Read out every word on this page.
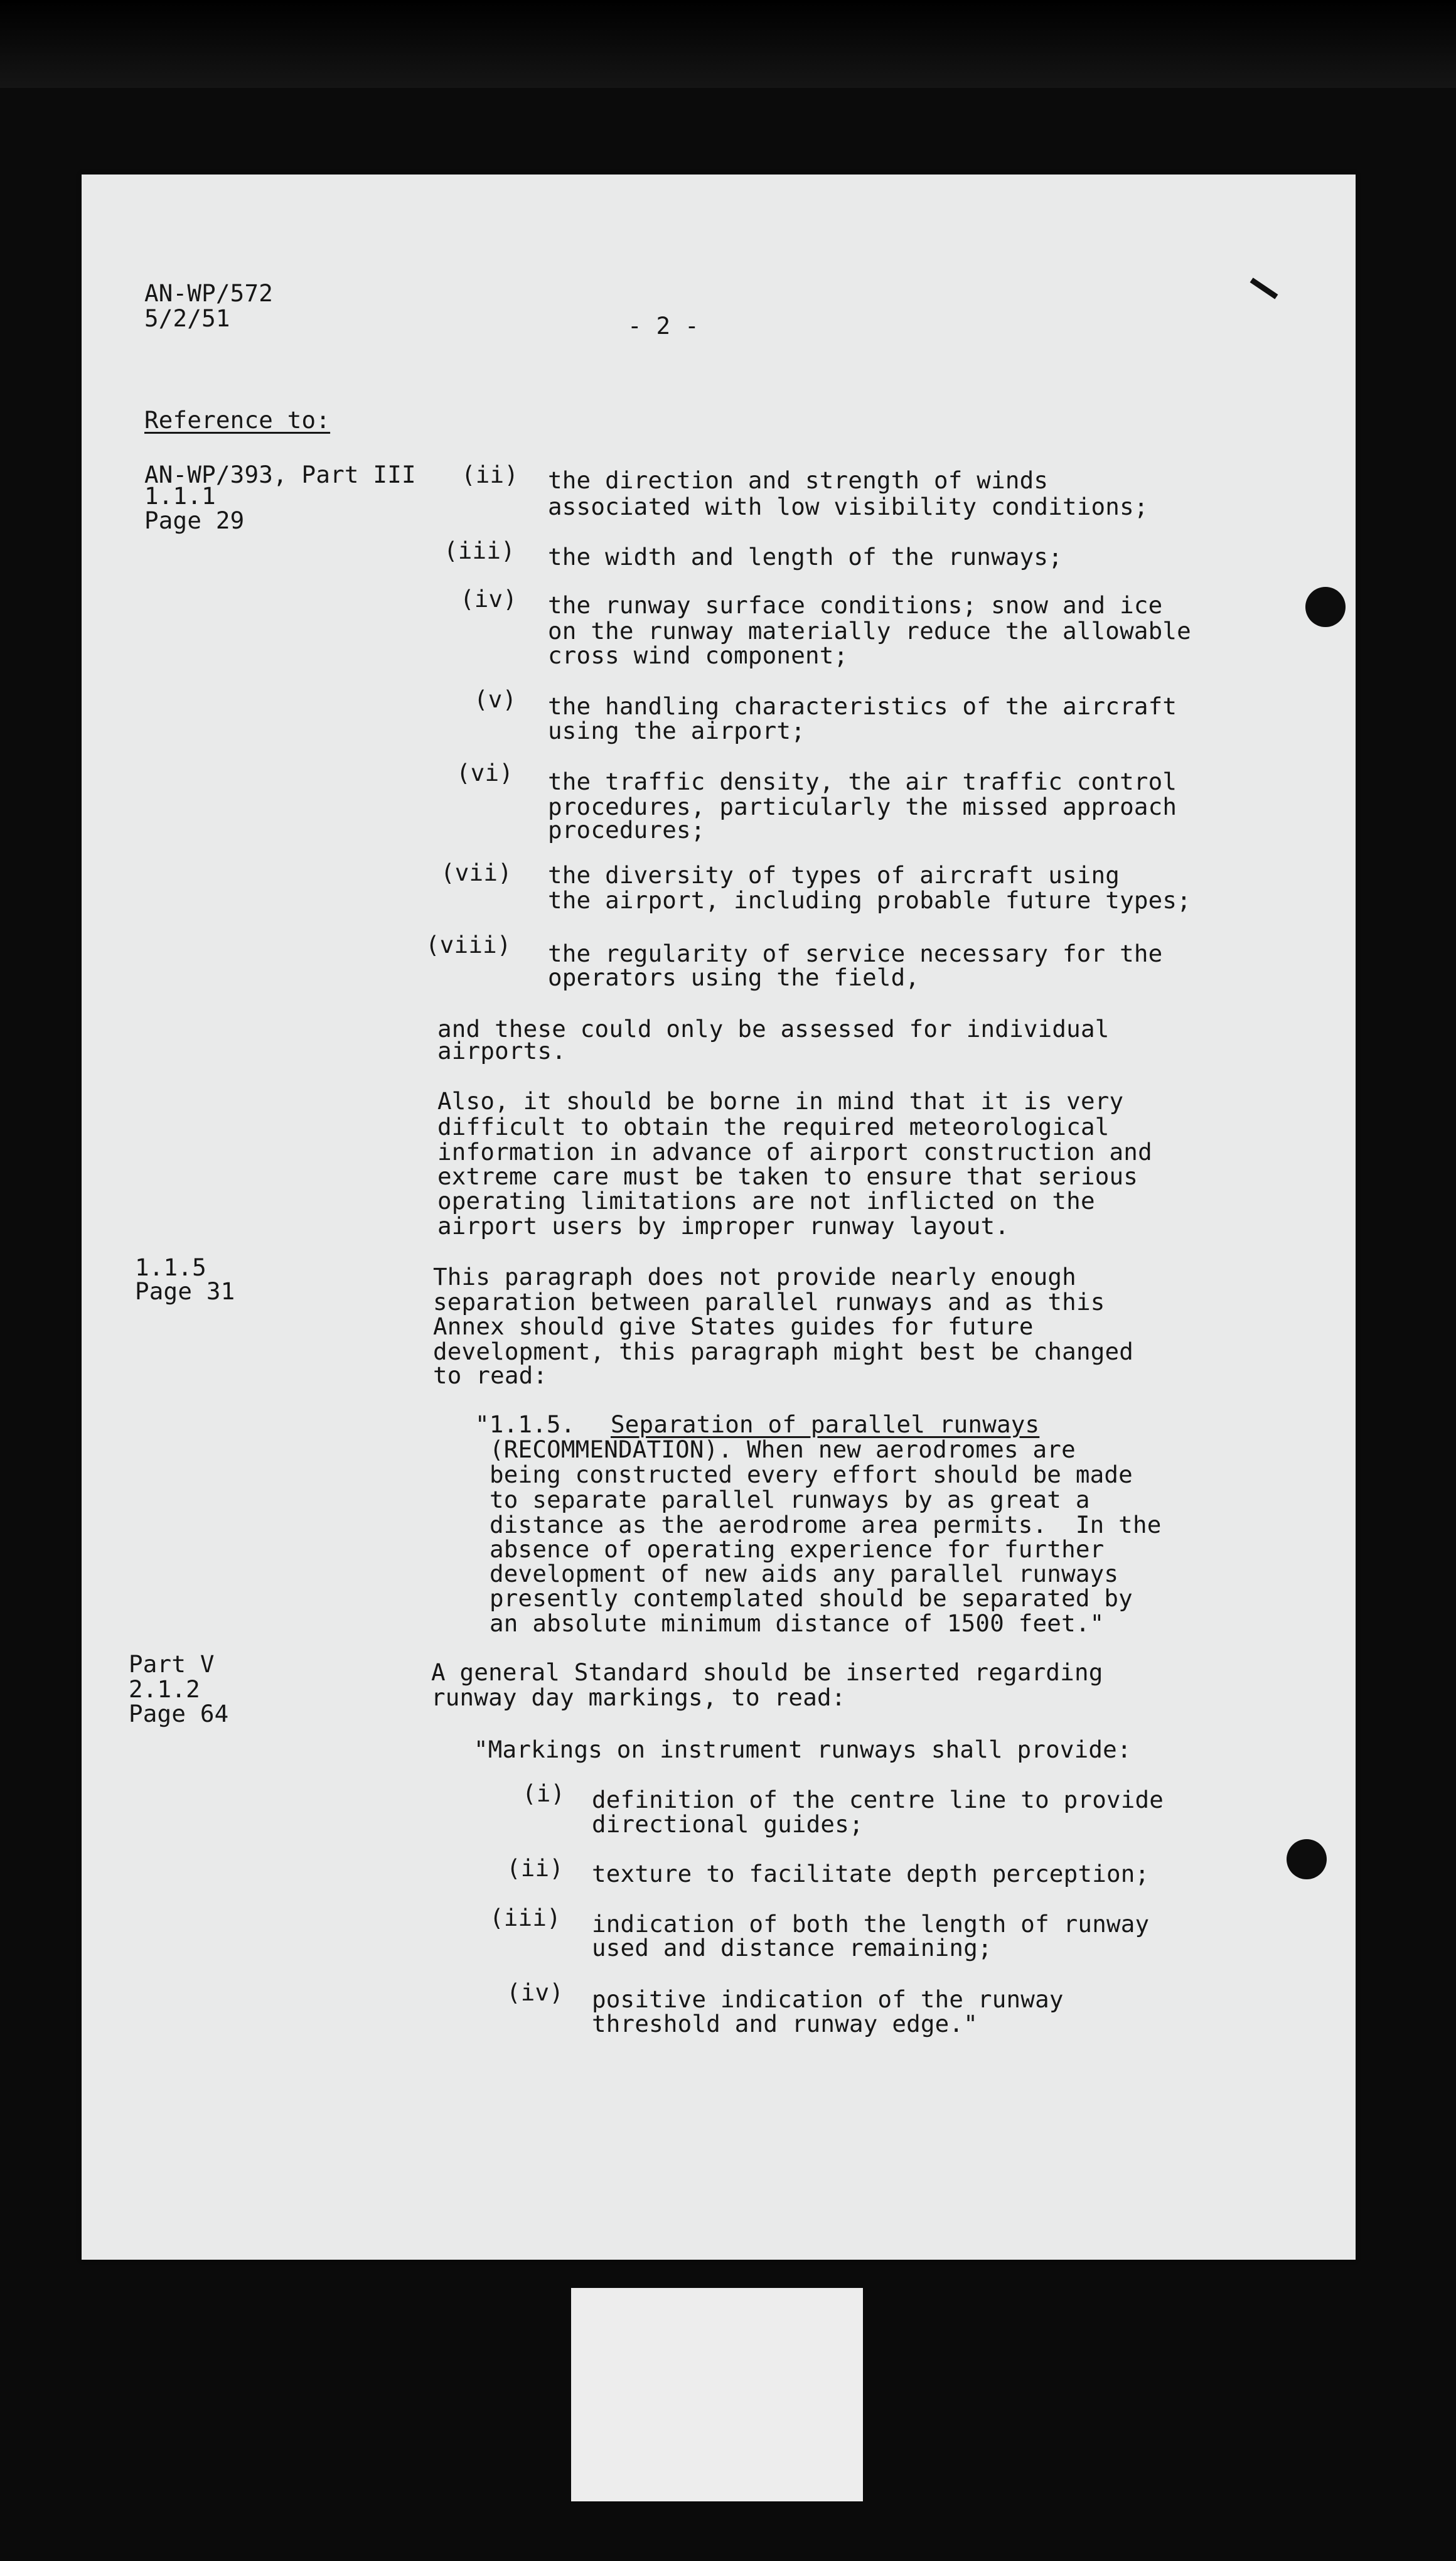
AN-WP/572
5/2/51	- 2 -
Reference to:
AN-WP/393, Part III
1.1.1
Page 29
(ii) the direction and strength of winds
associated with low visibility conditions;
(iii) the width and length of the runways;
(iv) the runway surface conditions; snow and ice
on the runway materially reduce the allowable
cross wind component;
(v) the handling characteristics of the aircraft
using the airport;
(vi) the traffic density, the air traffic control
procedures, particularly the missed approach
procedures;
(vii) the diversity of types of aircraft using
the airport, including probable future types;
(viii) the regularity of service necessary for the
operators using the field,
and these could only be assessed for individual
airports.
Also, it should be borne in mind that it is very
difficult to obtain the required meteorological
information in advance of airport construction and
extreme care must be taken to ensure that serious
operating limitations are not inflicted on the
airport users by improper runway layout.
1.1.5
Page 31
This paragraph does not provide nearly enough
separation between parallel runways and as this
Annex should give States guides for future
development, this paragraph might best be changed
to read:
"1.1.5. Separation of parallel runways
(RECOMMENDATION). When new aerodromes are
being constructed every effort should be made
to separate parallel runways by as great a
distance as the aerodrome area permits.  In the
absence of operating experience for further
development of new aids any parallel runways
presently contemplated should be separated by
an absolute minimum distance of 1500 feet."
Part V
2.1.2
Page 64
A general Standard should be inserted regarding
runway day markings, to read:
"Markings on instrument runways shall provide:
(i) definition of the centre line to provide
directional guides;
(ii) texture to facilitate depth perception;
(iii) indication of both the length of runway
used and distance remaining;
(iv) positive indication of the runway
threshold and runway edge."
